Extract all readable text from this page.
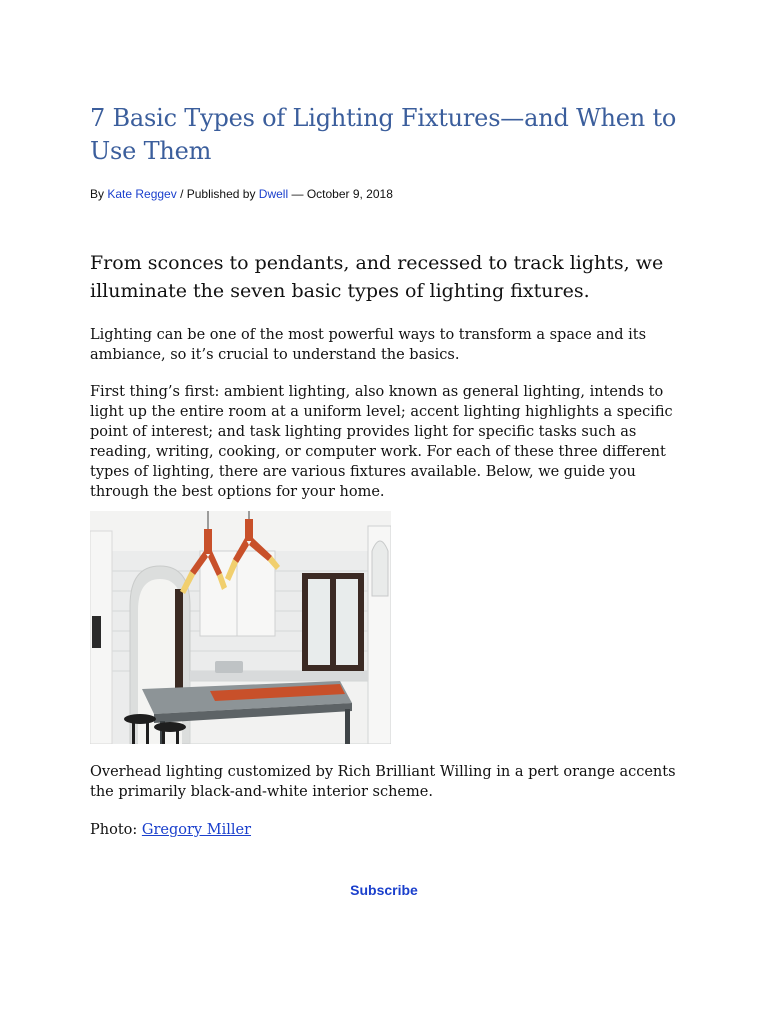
7 Basic Types of Lighting Fixtures—and When to Use Them
By Kate Reggev / Published by Dwell — October 9, 2018

From sconces to pendants, and recessed to track lights, we illuminate the seven basic types of lighting fixtures.

Lighting can be one of the most powerful ways to transform a space and its ambiance, so it’s crucial to understand the basics.

First thing’s first: ambient lighting, also known as general lighting, intends to light up the entire room at a uniform level; accent lighting highlights a specific point of interest; and task lighting provides light for specific tasks such as reading, writing, cooking, or computer work. For each of these three different types of lighting, there are various fixtures available. Below, we guide you through the best options for your home.

Overhead lighting customized by Rich Brilliant Willing in a pert orange accents the primarily black-and-white interior scheme.

Photo: Gregory Miller

Subscribe
